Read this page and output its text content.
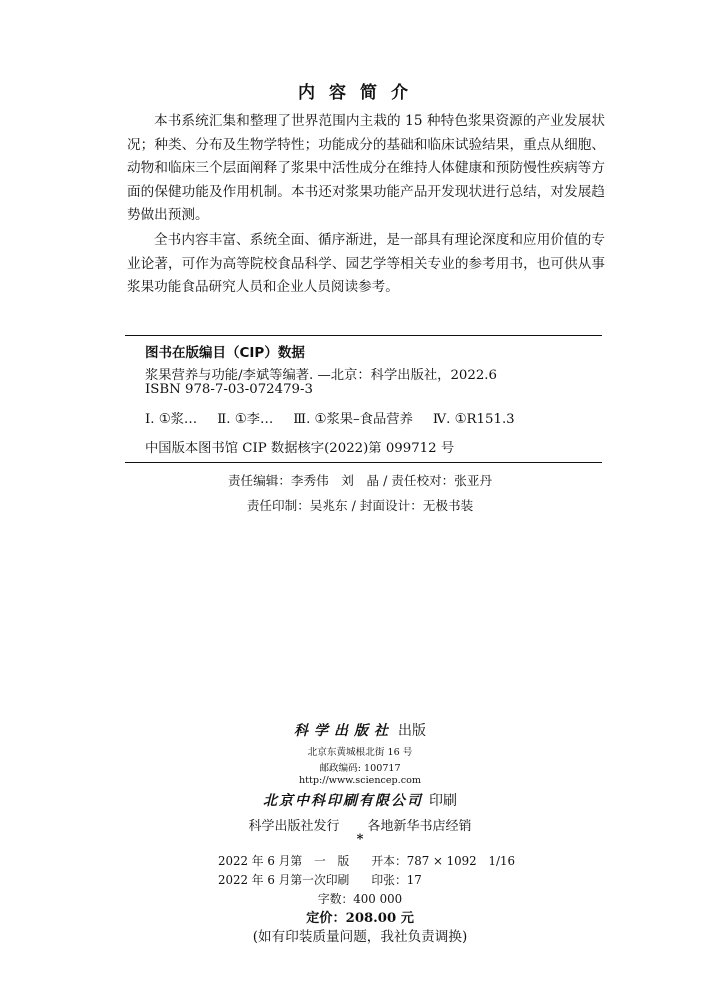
内容简介

本书系统汇集和整理了世界范围内主栽的 15 种特色浆果资源的产业发展状况；种类、分布及生物学特性；功能成分的基础和临床试验结果，重点从细胞、动物和临床三个层面阐释了浆果中活性成分在维持人体健康和预防慢性疾病等方面的保健功能及作用机制。本书还对浆果功能产品开发现状进行总结，对发展趋势做出预测。

全书内容丰富、系统全面、循序渐进，是一部具有理论深度和应用价值的专业论著，可作为高等院校食品科学、园艺学等相关专业的参考用书，也可供从事浆果功能食品研究人员和企业人员阅读参考。

图书在版编目（CIP）数据
浆果营养与功能/李斌等编著. —北京：科学出版社，2022.6
ISBN 978-7-03-072479-3
Ⅰ. ①浆… Ⅱ. ①李… Ⅲ. ①浆果–食品营养 Ⅳ. ①R151.3
中国版本图书馆 CIP 数据核字(2022)第 099712 号
责任编辑：李秀伟　刘　晶 / 责任校对：张亚丹
责任印制：吴兆东 / 封面设计：无极书装
科学出版社 出版
北京东黄城根北街 16 号
邮政编码: 100717
http://www.sciencep.com
北京中科印刷有限公司 印刷
科学出版社发行 各地新华书店经销
*
2022 年 6 月第　一　版 开本：787 × 1092　1/16
2022 年 6 月第一次印刷 印张：17
字数：400 000
定价：208.00 元
(如有印装质量问题，我社负责调换)
